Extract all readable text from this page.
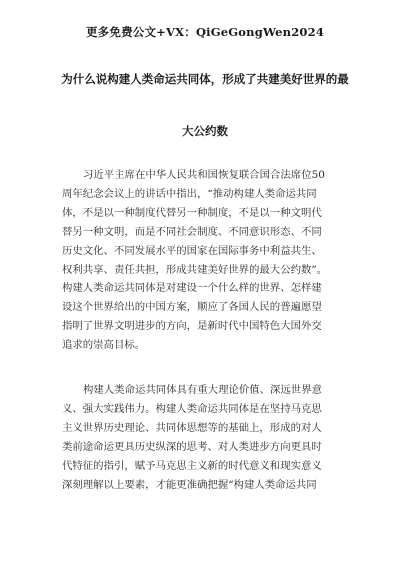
更多免费公文+VX：QiGeGongWen2024
为什么说构建人类命运共同体，形成了共建美好世界的最
大公约数
习近平主席在中华人民共和国恢复联合国合法席位50
周年纪念会议上的讲话中指出，“推动构建人类命运共同
体，不是以一种制度代替另一种制度，不是以一种文明代
替另一种文明，而是不同社会制度、不同意识形态、不同
历史文化、不同发展水平的国家在国际事务中利益共生、
权利共享、责任共担，形成共建美好世界的最大公约数”。
构建人类命运共同体是对建设一个什么样的世界、怎样建
设这个世界给出的中国方案，顺应了各国人民的普遍愿望
指明了世界文明进步的方向，是新时代中国特色大国外交
追求的崇高目标。
构建人类命运共同体具有重大理论价值、深远世界意
义、强大实践伟力。构建人类命运共同体是在坚持马克思
主义世界历史理论、共同体思想等的基础上，形成的对人
类前途命运更具历史纵深的思考、对人类进步方向更具时
代特征的指引，赋予马克思主义新的时代意义和现实意义
深刻理解以上要素，才能更准确把握“构建人类命运共同
